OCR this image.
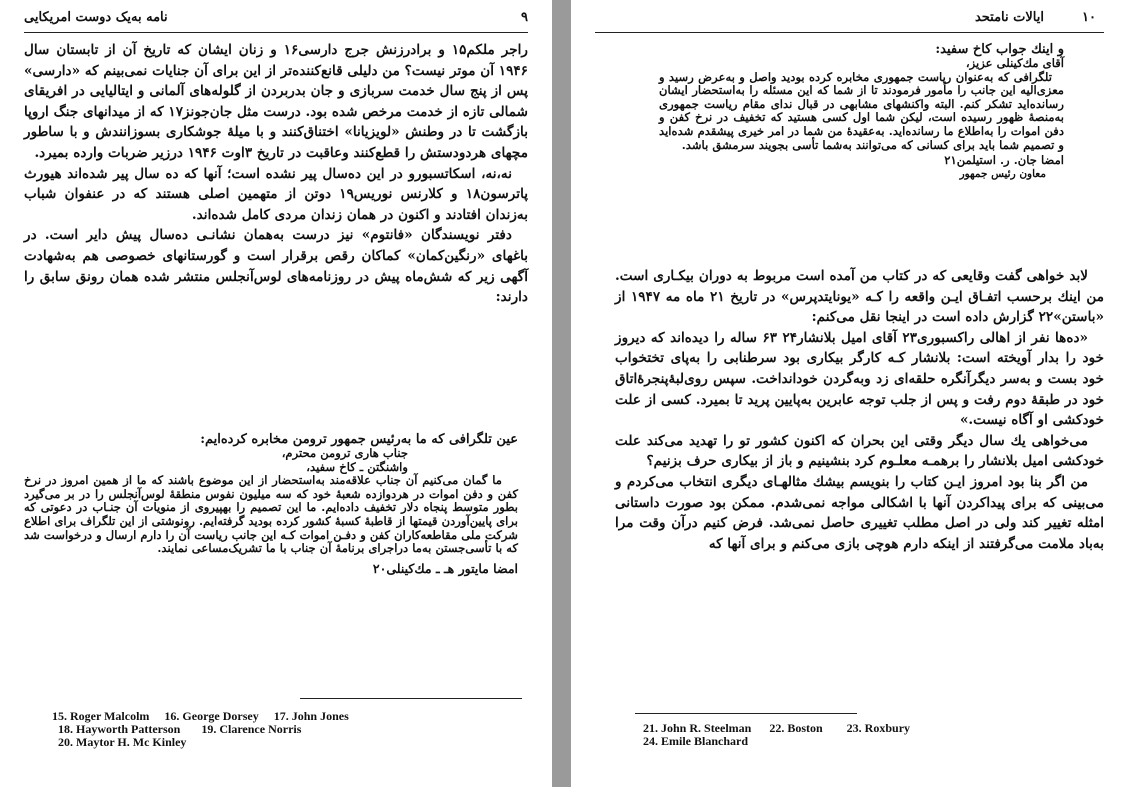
۹
نامه به‌یک دوست امریکایی

راجر ملکم۱۵ و برادرزنش جرج دارسی۱۶ و زنان ایشان که تاریخ آن از تابستان سال ۱۹۴۶ آن موتر نیست؟ من دلیلی قانع‌کننده‌تر از این برای آن جنایات نمی‌بینم که «دارسی» پس از پنج سال خدمت سربازی و جان بدربردن از گلوله‌های آلمانی و ایتالیایی در افریقای شمالی تازه از خدمت مرخص شده بود. درست مثل جان‌جونز۱۷ که از میدانهای جنگ اروپا بازگشت تا در وطنش «لویزیانا» اختناق‌کنند و با میلهٔ جوشکاری بسوزانندش و با ساطور مچهای هردودستش را قطع‌کنند وعاقبت در تاریخ ۳اوت ۱۹۴۶ درزیر ضربات وارده بمیرد.

نه،نه، اسکاتسبورو در این ده‌سال پیر نشده است؛ آنها که ده سال پیر شده‌اند هیورث پاترسون۱۸ و کلارنس نوریس۱۹ دوتن از متهمین اصلی هستند که در عنفوان شباب به‌زندان افتادند و اکنون در همان زندان مردی کامل شده‌اند.

دفتر نویسندگان «فانتوم» نیز درست به‌همان نشانـی ده‌سال پیش دایر است. در باغهای «رنگین‌کمان» کماکان رقص برقرار است و گورستانهای خصوصی هم به‌شهادت آگهی زیر که شش‌ماه پیش در روزنامه‌های لوس‌آنجلس منتشر شده همان رونق سابق را دارند:

عین تلگرافی که ما به‌رئیس جمهور ترومن مخابره کرده‌ایم:

جناب هاری ترومن محترم،

واشنگتن ـ کاخ سفید،

ما گمان می‌کنیم آن جناب علاقه‌مند به‌استحضار از این موضوع باشند که ما از همین امروز در نرخ کفن و دفن اموات در هردوازده شعبهٔ خود که سه میلیون نفوس منطقهٔ لوس‌آنجلس را در بر می‌گیرد بطور متوسط پنجاه دلار تخفیف داده‌ایم. ما این تصمیم را بهپیروی از منویات آن جنـاب در دعوتی که برای پایین‌آوردن قیمتها از قاطبهٔ کسبهٔ کشور کرده بودید گرفته‌ایم. رونوشتی از این تلگراف برای اطلاع شرکت ملی مقاطعه‌کاران کفن و دفـن اموات کـه این جانب ریاست آن را دارم ارسال و درخواست شد که با تأسی‌جستن به‌ما دراجرای برنامهٔ آن جناب با ما تشریک‌مساعی نمایند.

امضا مایتور هـ ـ مك‌کینلی۲۰

15. Roger Malcolm     16. George Dorsey     17. John Jones
18. Hayworth Patterson       19. Clarence Norris
20. Maytor H. Mc Kinley
۱۰
ایالات نامتحد

و اینك جواب کاخ سفید:

آقای مك‌کینلی عزیز،

تلگرافی که به‌عنوان ریاست جمهوری مخابره کرده بودید واصل و به‌عرض رسید و معزی‌الیه این جانب را مأمور فرمودند تا از شما که این مسئله را به‌استحضار ایشان رسانده‌اید تشکر کنم. البته واکنشهای مشابهی در قبال ندای مقام ریاست جمهوری به‌منصهٔ ظهور رسیده است، لیکن شما اول کسی هستید که تخفیف در نرخ کفن و دفن اموات را به‌اطلاع ما رسانده‌اید. به‌عقیدهٔ من شما در امر خیری پیشقدم شده‌اید و تصمیم شما باید برای کسانی که می‌توانند به‌شما تأسی بجویند سرمشق باشد.

امضا جان. ر. استیلمن۲۱

معاون رئیس جمهور

لابد خواهی گفت وقایعی که در کتاب من آمده است مربوط به دوران بیکـاری است. من اینك برحسب اتفـاق ایـن واقعه را کـه «یونایتدپرس» در تاریخ ۲۱ ماه مه ۱۹۴۷ از «باستن»۲۲ گزارش داده است در اینجا نقل می‌کنم:

«ده‌ها نفر از اهالی راکسبوری۲۳ آقای امیل بلانشار۲۴ ۶۳ ساله را دیده‌اند که دیروز خود را بدار آویخته است: بلانشار کـه کارگر بیکاری بود سرطنابی را به‌پای تختخواب خود بست و به‌سر دیگرآنگره حلقه‌ای زد وبه‌گردن خودانداخت. سپس روی‌لبهٔ‌پنجرهٔ‌اتاق خود در طبقهٔ دوم رفت و پس از جلب توجه عابرین به‌پایین پرید تا بمیرد. کسی از علت خودکشی او آگاه نیست.»

می‌خواهی یك سال دیگر وقتی این بحران که اکنون کشور تو را تهدید می‌کند علت خودکشی امیل بلانشار را برهمـه معلـوم کرد بنشینیم و باز از بیکاری حرف بزنیم؟

من اگر بنا بود امروز ایـن کتاب را بنویسم بیشك مثالهـای دیگری انتخاب می‌کردم و می‌بینی که برای پیداکردن آنها با اشکالی مواجه نمی‌شدم. ممکن بود صورت داستانی امثله تغییر کند ولی در اصل مطلب تغییری حاصل نمی‌شد. فرض کنیم درآن وقت مرا به‌باد ملامت می‌گرفتند از اینکه دارم هوچی بازی می‌کنم و برای آنها که

21. John R. Steelman      22. Boston        23. Roxbury
24. Emile Blanchard
